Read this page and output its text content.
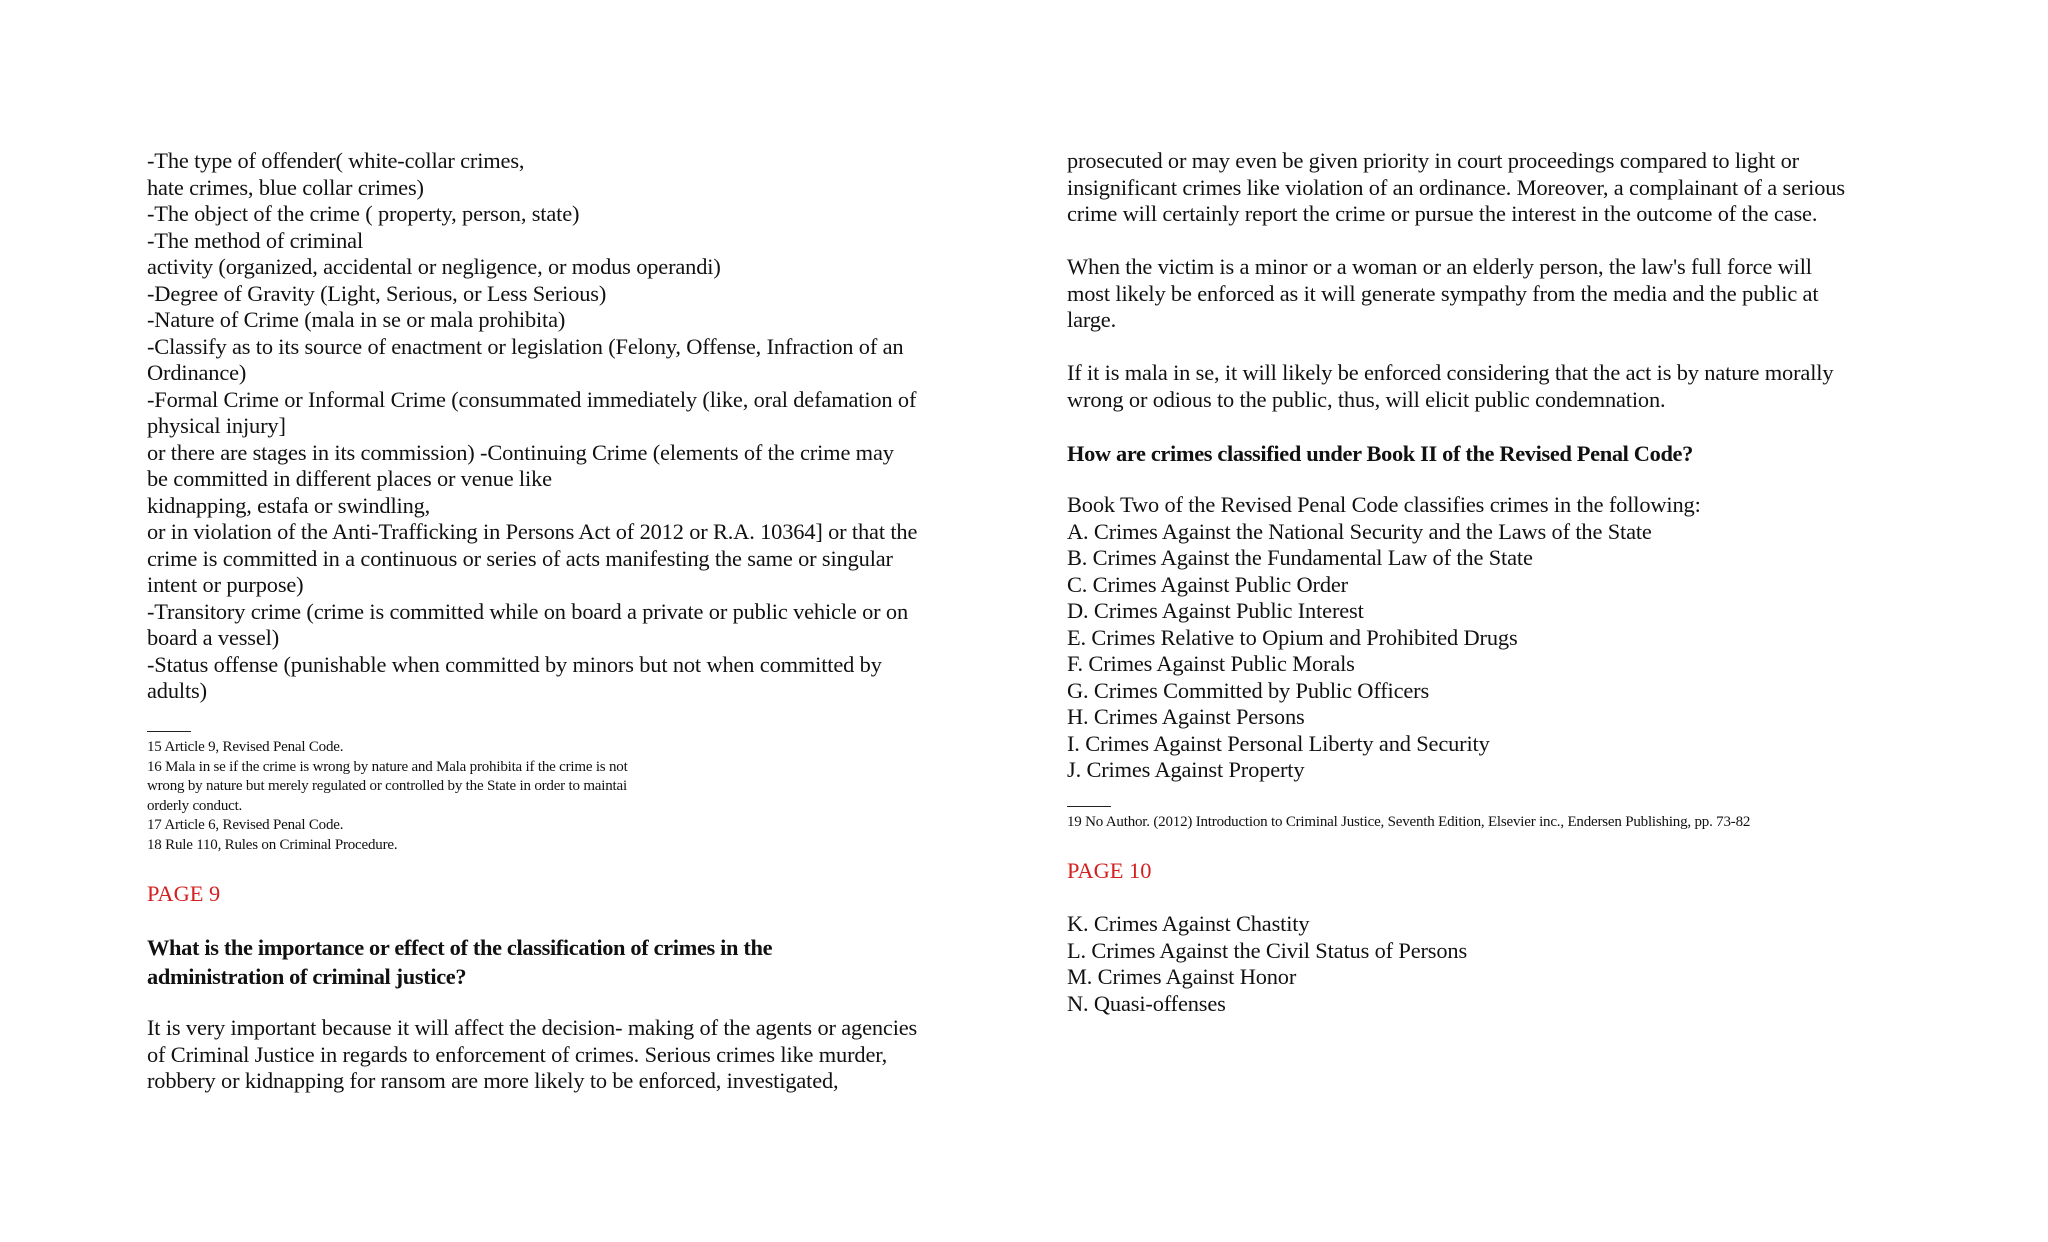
-The type of offender( white-collar crimes,
hate crimes, blue collar crimes)
-The object of the crime ( property, person, state)
-The method of criminal
activity (organized, accidental or negligence, or modus operandi)
-Degree of Gravity (Light, Serious, or Less Serious)
-Nature of Crime (mala in se or mala prohibita)
-Classify as to its source of enactment or legislation (Felony, Offense, Infraction of an
Ordinance)
-Formal Crime or Informal Crime (consummated immediately (like, oral defamation of
physical injury]
or there are stages in its commission) -Continuing Crime (elements of the crime may
be committed in different places or venue like
kidnapping, estafa or swindling,
or in violation of the Anti-Trafficking in Persons Act of 2012 or R.A. 10364] or that the
crime is committed in a continuous or series of acts manifesting the same or singular
intent or purpose)
-Transitory crime (crime is committed while on board a private or public vehicle or on
board a vessel)
-Status offense (punishable when committed by minors but not when committed by
adults)
15 Article 9, Revised Penal Code.
16 Mala in se if the crime is wrong by nature and Mala prohibita if the crime is not
wrong by nature but merely regulated or controlled by the State in order to maintai
orderly conduct.
17 Article 6, Revised Penal Code.
18 Rule 110, Rules on Criminal Procedure.
PAGE 9
What is the importance or effect of the classification of crimes in the
administration of criminal justice?
It is very important because it will affect the decision- making of the agents or agencies
of Criminal Justice in regards to enforcement of crimes. Serious crimes like murder,
robbery or kidnapping for ransom are more likely to be enforced, investigated,
prosecuted or may even be given priority in court proceedings compared to light or
insignificant crimes like violation of an ordinance. Moreover, a complainant of a serious
crime will certainly report the crime or pursue the interest in the outcome of the case.
When the victim is a minor or a woman or an elderly person, the law's full force will
most likely be enforced as it will generate sympathy from the media and the public at
large.
If it is mala in se, it will likely be enforced considering that the act is by nature morally
wrong or odious to the public, thus, will elicit public condemnation.
How are crimes classified under Book II of the Revised Penal Code?
Book Two of the Revised Penal Code classifies crimes in the following:
A. Crimes Against the National Security and the Laws of the State
B. Crimes Against the Fundamental Law of the State
C. Crimes Against Public Order
D. Crimes Against Public Interest
E. Crimes Relative to Opium and Prohibited Drugs
F. Crimes Against Public Morals
G. Crimes Committed by Public Officers
H. Crimes Against Persons
I. Crimes Against Personal Liberty and Security
J. Crimes Against Property
19 No Author. (2012) Introduction to Criminal Justice, Seventh Edition, Elsevier inc., Endersen Publishing, pp. 73-82
PAGE 10
K. Crimes Against Chastity
L. Crimes Against the Civil Status of Persons
M. Crimes Against Honor
N. Quasi-offenses
